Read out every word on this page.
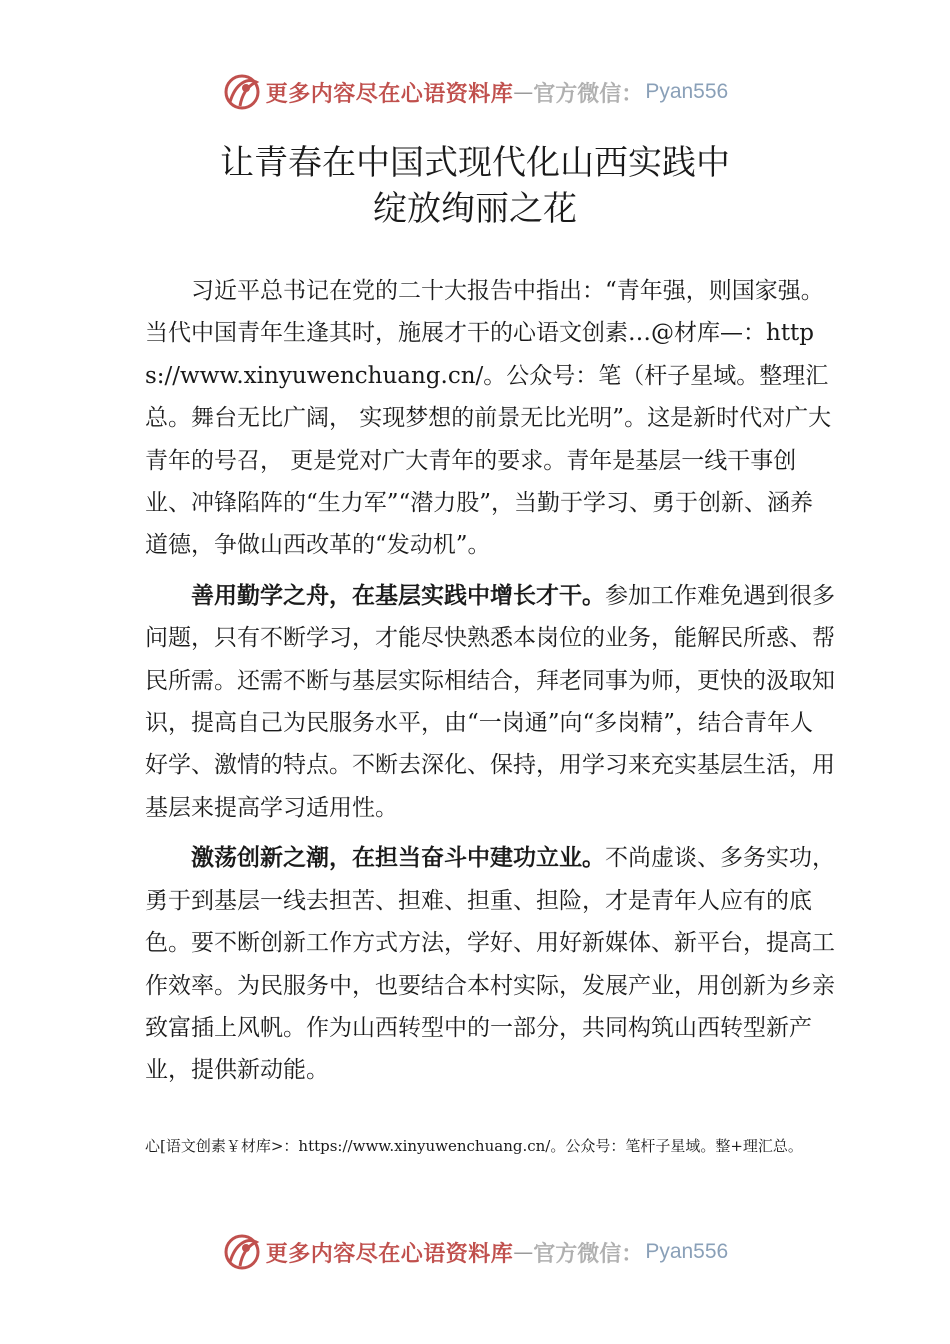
更多内容尽在心语资料库 — 官方微信： Pyan556
让青春在中国式现代化山西实践中
绽放绚丽之花

习近平总书记在党的二十大报告中指出：“青年强，则国家强。当代中国青年生逢其时，施展才干的心语文创素…@材库—：https://www.xinyuwenchuang.cn/。公众号：笔（杆子星域。整理汇总。舞台无比广阔， 实现梦想的前景无比光明”。这是新时代对广大青年的号召， 更是党对广大青年的要求。青年是基层一线干事创业、冲锋陷阵的“生力军”“潜力股”，当勤于学习、勇于创新、涵养道德，争做山西改革的“发动机”。

善用勤学之舟，在基层实践中增长才干。参加工作难免遇到很多问题，只有不断学习，才能尽快熟悉本岗位的业务，能解民所惑、帮民所需。还需不断与基层实际相结合，拜老同事为师，更快的汲取知识，提高自己为民服务水平，由“一岗通”向“多岗精”，结合青年人好学、激情的特点。不断去深化、保持，用学习来充实基层生活，用基层来提高学习适用性。

激荡创新之潮，在担当奋斗中建功立业。不尚虚谈、多务实功，勇于到基层一线去担苦、担难、担重、担险，才是青年人应有的底色。要不断创新工作方式方法，学好、用好新媒体、新平台，提高工作效率。为民服务中，也要结合本村实际，发展产业，用创新为乡亲致富插上风帆。作为山西转型中的一部分，共同构筑山西转型新产业，提供新动能。

心[语文创素￥材库>：https://www.xinyuwenchuang.cn/。公众号：笔杆子星域。整+理汇总。
更多内容尽在心语资料库 — 官方微信： Pyan556
